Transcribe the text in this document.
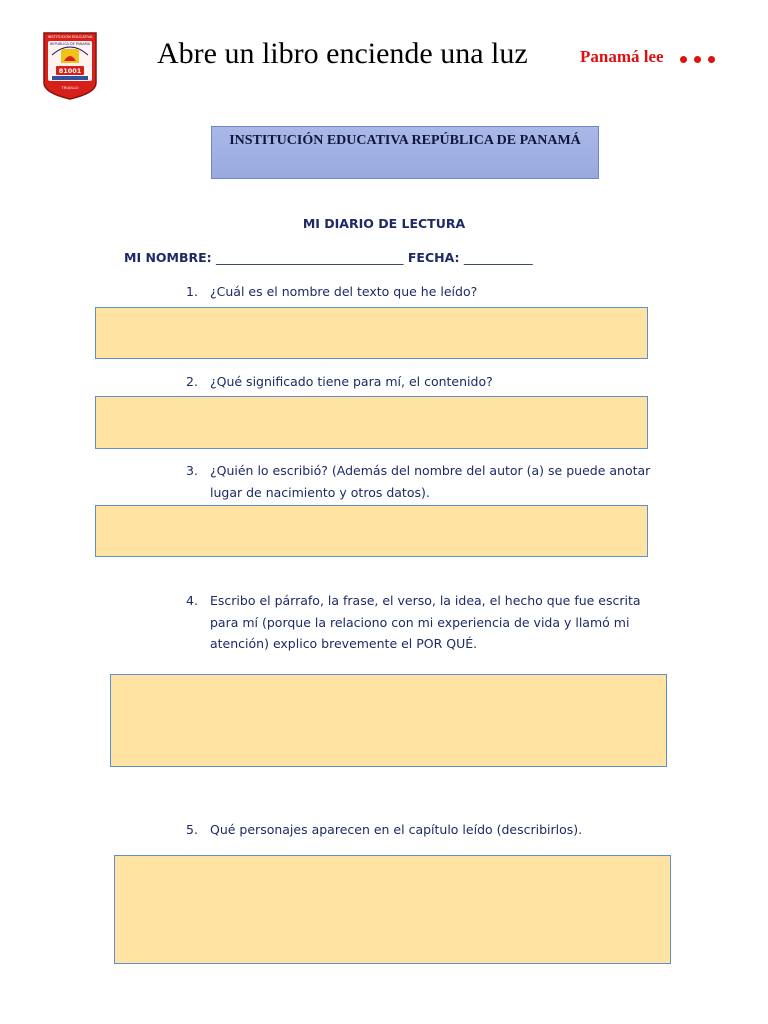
81001
INSTITUCION EDUCATIVA
REPUBLICA DE PANAMA
TRUJILLO
Abre un libro enciende una luz	Panamá lee
INSTITUCIÓN EDUCATIVA REPÚBLICA DE PANAMÁ
MI DIARIO DE LECTURA
MI NOMBRE: ______________________________ FECHA: ___________
1. ¿Cuál es el nombre del texto que he leído?
2. ¿Qué significado tiene para mí, el contenido?
3. ¿Quién lo escribió? (Además del nombre del autor (a) se puede anotar lugar de nacimiento y otros datos).
4. Escribo el párrafo, la frase, el verso, la idea, el hecho que fue escrita para mí (porque la relaciono con mi experiencia de vida y llamó mi atención) explico brevemente el POR QUÉ.
5. Qué personajes aparecen en el capítulo leído (describirlos).
